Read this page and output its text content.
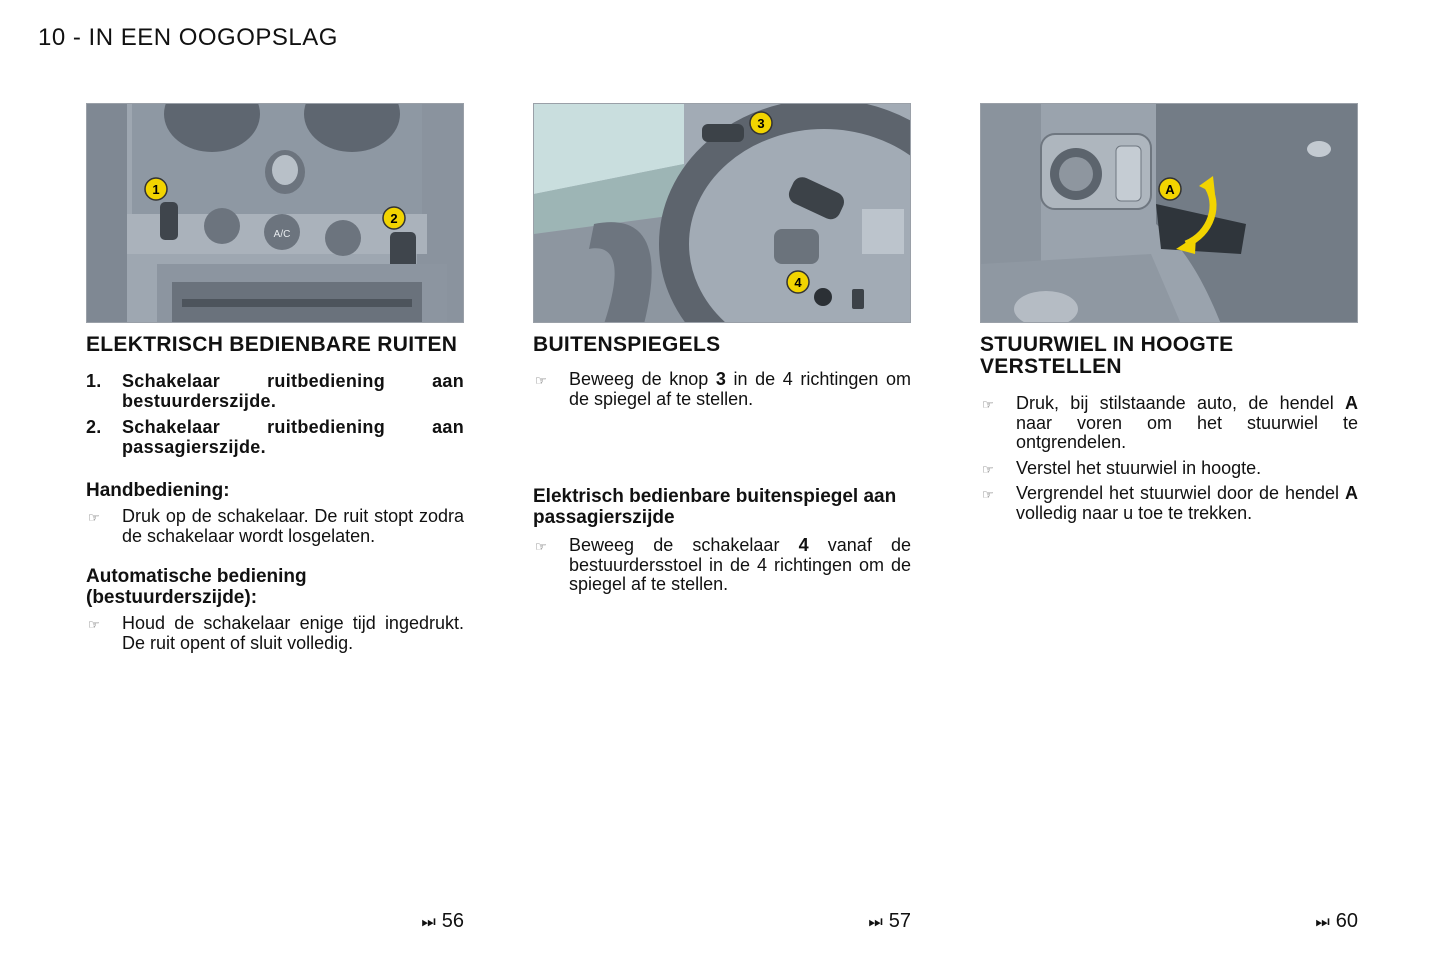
10 - IN EEN OOGOPSLAG
A/C
1
2
ELEKTRISCH BEDIENBARE RUITEN
1. Schakelaar ruitbediening aan bestuurderszijde.
2. Schakelaar ruitbediening aan passagierszijde.
Handbediening:
☞ Druk op de schakelaar. De ruit stopt zodra de schakelaar wordt losgelaten.
Automatische bediening (bestuurderszijde):
☞ Houd de schakelaar enige tijd ingedrukt. De ruit opent of sluit volledig.
3
4
BUITENSPIEGELS
☞ Beweeg de knop 3 in de 4 richtingen om de spiegel af te stellen.
Elektrisch bedienbare buitenspiegel aan passagierszijde
☞ Beweeg de schakelaar 4 vanaf de bestuurdersstoel in de 4 richtingen om de spiegel af te stellen.
A
STUURWIEL IN HOOGTE VERSTELLEN
☞ Druk, bij stilstaande auto, de hendel A naar voren om het stuurwiel te ontgrendelen.
☞ Verstel het stuurwiel in hoogte.
☞ Vergrendel het stuurwiel door de hendel A volledig naar u toe te trekken.
⏭ 56	⏭ 57	⏭ 60
